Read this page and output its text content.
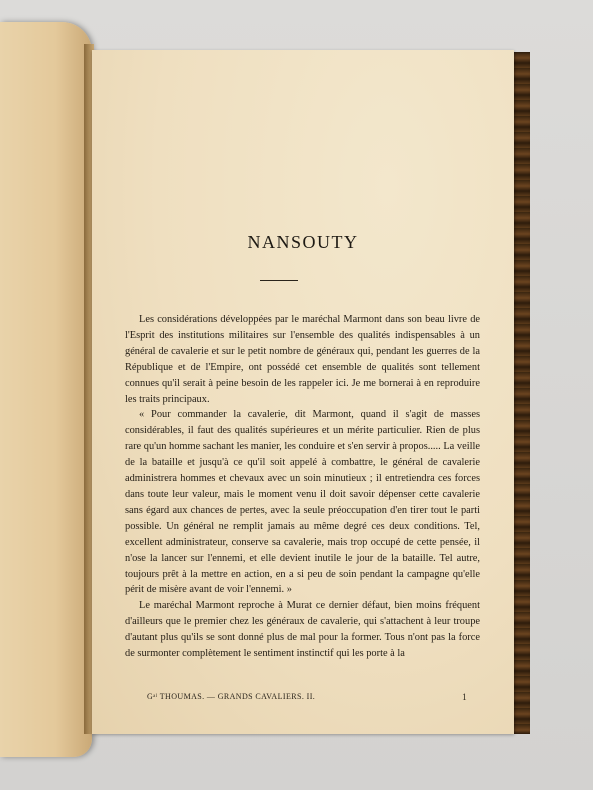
NANSOUTY

Les considérations développées par le maréchal Marmont dans son beau livre de l'Esprit des institutions militaires sur l'ensemble des qualités indispensables à un général de cavalerie et sur le petit nombre de généraux qui, pendant les guerres de la République et de l'Empire, ont possédé cet ensemble de qualités sont tellement connues qu'il serait à peine besoin de les rappeler ici. Je me bornerai à en reproduire les traits principaux.

« Pour commander la cavalerie, dit Marmont, quand il s'agit de masses considérables, il faut des qualités supérieures et un mérite particulier. Rien de plus rare qu'un homme sachant les manier, les conduire et s'en servir à propos..... La veille de la bataille et jusqu'à ce qu'il soit appelé à combattre, le général de cavalerie administrera hommes et chevaux avec un soin minutieux ; il entretiendra ces forces dans toute leur valeur, mais le moment venu il doit savoir dépenser cette cavalerie sans égard aux chances de pertes, avec la seule préoccupation d'en tirer tout le parti possible. Un général ne remplit jamais au même degré ces deux conditions. Tel, excellent administrateur, conserve sa cavalerie, mais trop occupé de cette pensée, il n'ose la lancer sur l'ennemi, et elle devient inutile le jour de la bataille. Tel autre, toujours prêt à la mettre en action, en a si peu de soin pendant la campagne qu'elle périt de misère avant de voir l'ennemi. »

Le maréchal Marmont reproche à Murat ce dernier défaut, bien moins fréquent d'ailleurs que le premier chez les généraux de cavalerie, qui s'attachent à leur troupe d'autant plus qu'ils se sont donné plus de mal pour la former. Tous n'ont pas la force de surmonter complètement le sentiment instinctif qui les porte à la

Gᵃˡ THOUMAS. — GRANDS CAVALIERS. II.	1
